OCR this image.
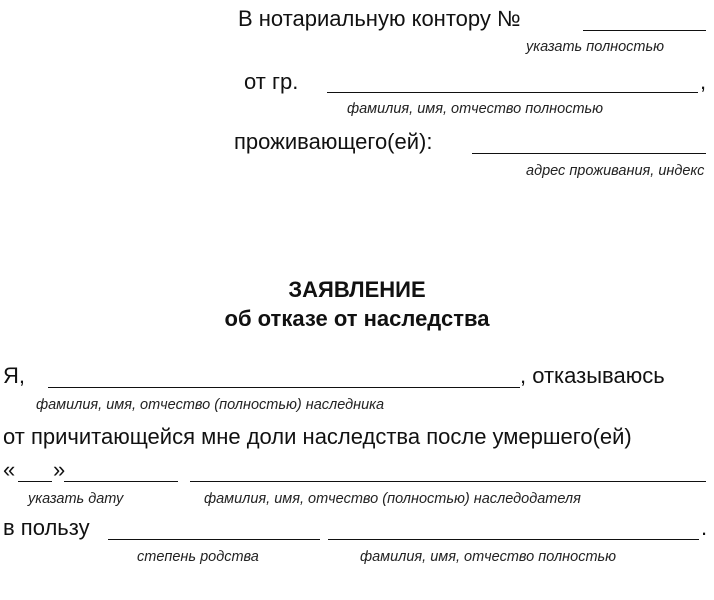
В нотариальную контору №
указать полностью
от гр.	,
фамилия, имя, отчество полностью
проживающего(ей):
адрес проживания, индекс
ЗАЯВЛЕНИЕ
об отказе от наследства
Я,	, отказываюсь
фамилия, имя, отчество (полностью) наследника
от причитающейся мне доли наследства после умершего(ей)
« »
указать дату	фамилия, имя, отчество (полностью) наследодателя
в пользу	.
степень родства	фамилия, имя, отчество полностью
